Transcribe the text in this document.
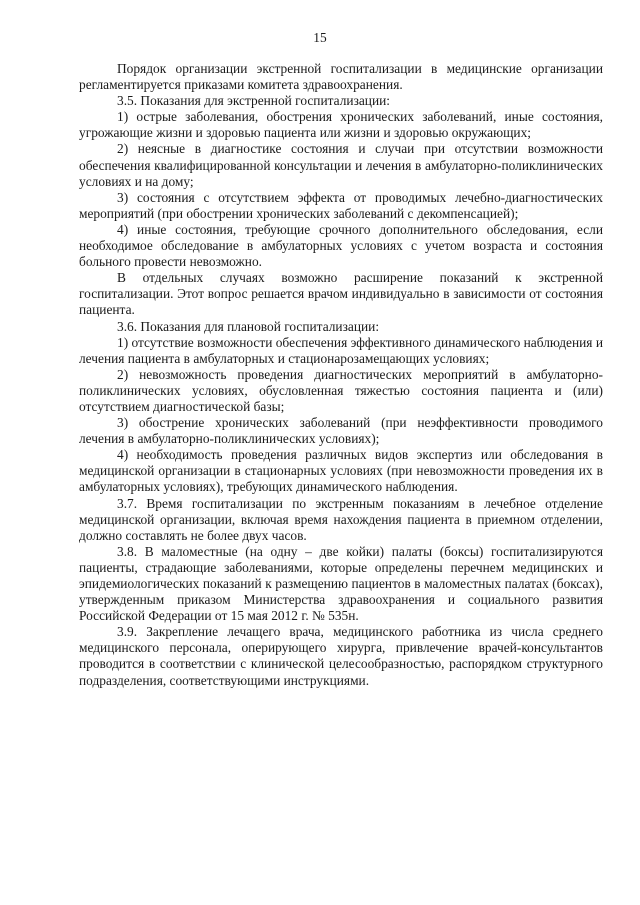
15

Порядок организации экстренной госпитализации в медицинские организации регламентируется приказами комитета здравоохранения.

3.5. Показания для экстренной госпитализации:

1) острые заболевания, обострения хронических заболеваний, иные состояния, угрожающие жизни и здоровью пациента или жизни и здоровью окружающих;

2) неясные в диагностике состояния и случаи при отсутствии возможности обеспечения квалифицированной консультации и лечения в амбулаторно-поликлинических условиях и на дому;

3) состояния с отсутствием эффекта от проводимых лечебно-диагностических мероприятий (при обострении хронических заболеваний с декомпенсацией);

4) иные состояния, требующие срочного дополнительного обследования, если необходимое обследование в амбулаторных условиях с учетом возраста и состояния больного провести невозможно.

В отдельных случаях возможно расширение показаний к экстренной госпитализации. Этот вопрос решается врачом индивидуально в зависимости от состояния пациента.

3.6. Показания для плановой госпитализации:

1) отсутствие возможности обеспечения эффективного динамического наблюдения и лечения пациента в амбулаторных и стационарозамещающих условиях;

2) невозможность проведения диагностических мероприятий в амбулаторно-поликлинических условиях, обусловленная тяжестью состояния пациента и (или) отсутствием диагностической базы;

3) обострение хронических заболеваний (при неэффективности проводимого лечения в амбулаторно-поликлинических условиях);

4) необходимость проведения различных видов экспертиз или обследования в медицинской организации в стационарных условиях (при невозможности проведения их в амбулаторных условиях), требующих динамического наблюдения.

3.7. Время госпитализации по экстренным показаниям в лечебное отделение медицинской организации, включая время нахождения пациента в приемном отделении, должно составлять не более двух часов.

3.8. В маломестные (на одну – две койки) палаты (боксы) госпитализируются пациенты, страдающие заболеваниями, которые определены перечнем медицинских и эпидемиологических показаний к размещению пациентов в маломестных палатах (боксах), утвержденным приказом Министерства здравоохранения и социального развития Российской Федерации от 15 мая 2012 г. № 535н.

3.9. Закрепление лечащего врача, медицинского работника из числа среднего медицинского персонала, оперирующего хирурга, привлечение врачей-консультантов проводится в соответствии с клинической целесообразностью, распорядком структурного подразделения, соответствующими инструкциями.
